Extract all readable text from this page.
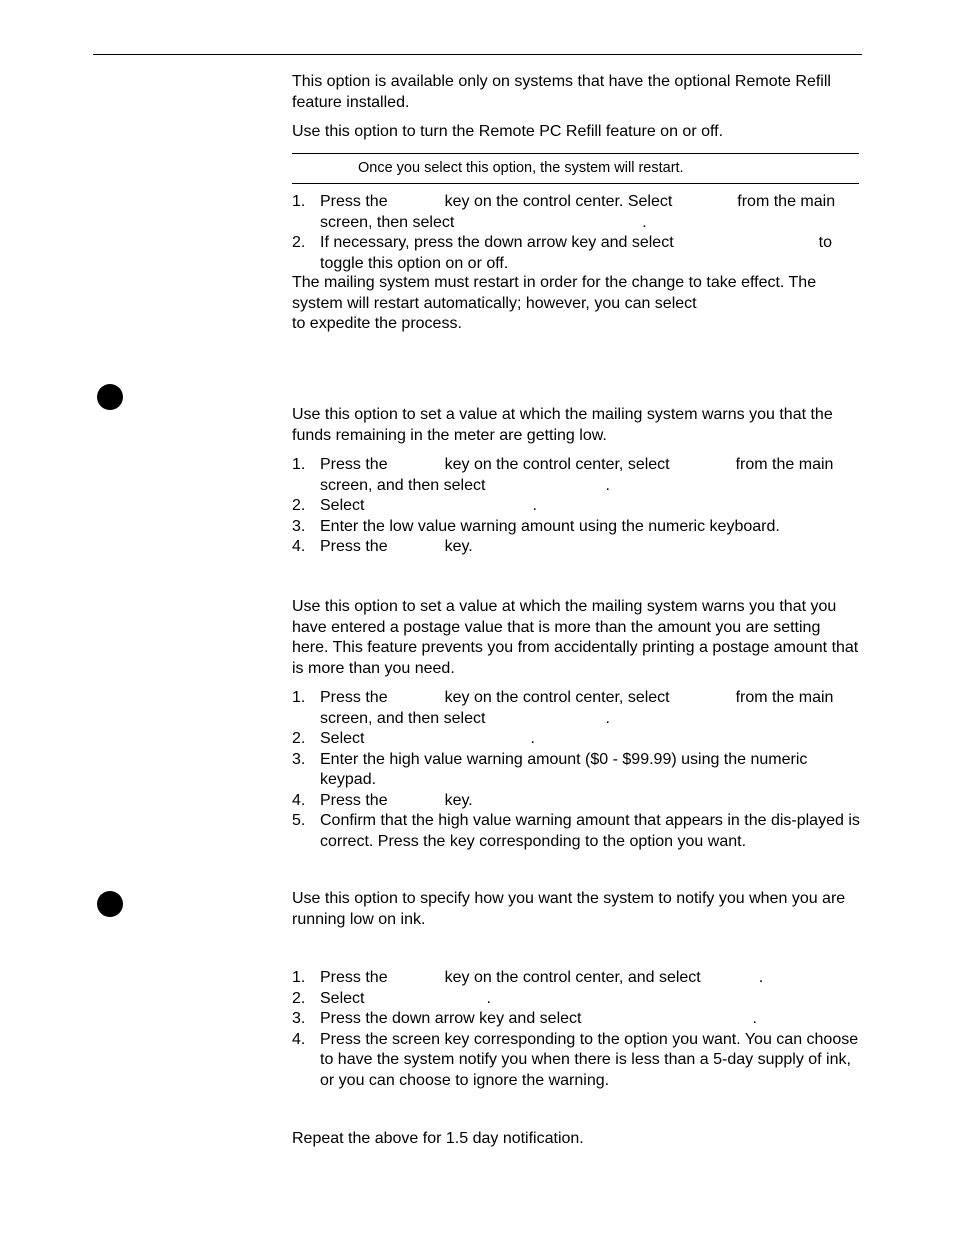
This option is available only on systems that have the optional Remote Refill feature installed.

Use this option to turn the Remote PC Refill feature on or off.

Once you select this option, the system will restart.
1. Press the	key on the control center. Select	from the main screen, then select	.
2. If necessary, press the down arrow key and select	to toggle this option on or off.

The mailing system must restart in order for the change to take effect. The system will restart automatically; however, you can select
to expedite the process.

Use this option to set a value at which the mailing system warns you that the funds remaining in the meter are getting low.

1. Press the	key on the control center, select	from the main screen, and then select	.
2. Select	.
3. Enter the low value warning amount using the numeric keyboard.
4. Press the	key.

Use this option to set a value at which the mailing system warns you that you have entered a postage value that is more than the amount you are setting here. This feature prevents you from accidentally printing a postage amount that is more than you need.

1. Press the	key on the control center, select	from the main screen, and then select	.
2. Select	.
3. Enter the high value warning amount ($0 - $99.99) using the numeric keypad.
4. Press the	key.
5. Confirm that the high value warning amount that appears in the dis-played is correct. Press the key corresponding to the option you want.

Use this option to specify how you want the system to notify you when you are running low on ink.

1. Press the	key on the control center, and select	.
2. Select	.
3. Press the down arrow key and select	.
4. Press the screen key corresponding to the option you want. You can choose to have the system notify you when there is less than a 5-day supply of ink, or you can choose to ignore the warning.

Repeat the above for 1.5 day notification.
